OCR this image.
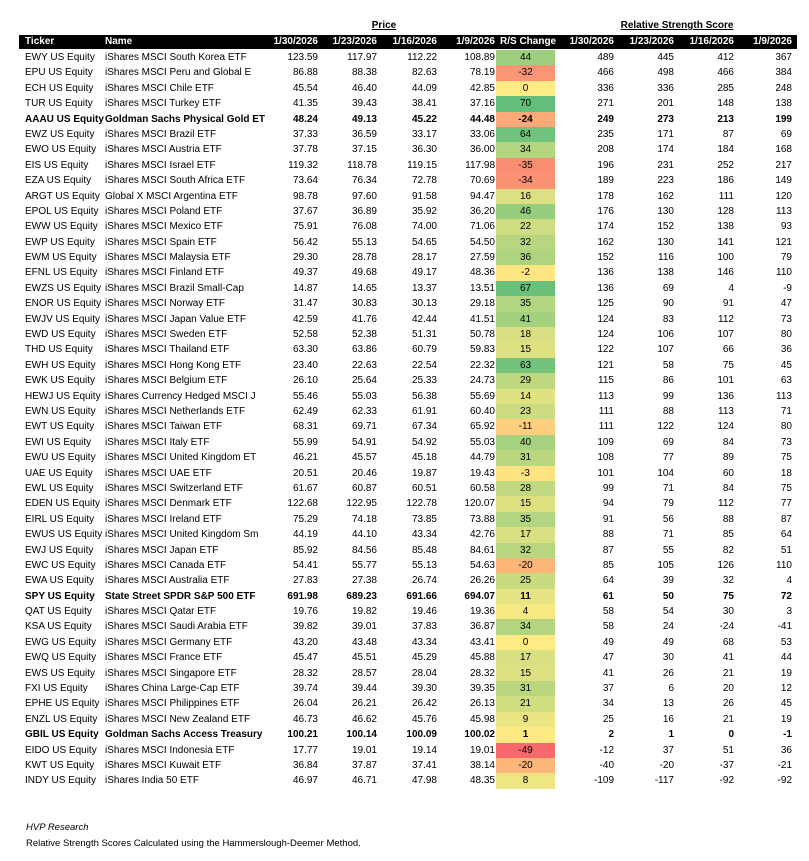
Price	Relative Strength Score
Ticker	Name	1/30/2026	1/23/2026	1/16/2026	1/9/2026 R/S Change	1/30/2026	1/23/2026	1/16/2026	1/9/2026
EWY US Equity	iShares MSCI South Korea ETF	123.59	117.97	112.22	108.89	44	489	445	412	367
EPU US Equity	iShares MSCI Peru and Global E	86.88	88.38	82.63	78.19	-32	466	498	466	384
ECH US Equity	iShares MSCI Chile ETF	45.54	46.40	44.09	42.85	0	336	336	285	248
TUR US Equity	iShares MSCI Turkey ETF	41.35	39.43	38.41	37.16	70	271	201	148	138
AAAU US Equity Goldman Sachs Physical Gold ET	48.24	49.13	45.22	44.48	-24	249	273	213	199
EWZ US Equity	iShares MSCI Brazil ETF	37.33	36.59	33.17	33.06	64	235	171	87	69
EWO US Equity iShares MSCI Austria ETF	37.78	37.15	36.30	36.00	34	208	174	184	168
EIS US Equity	iShares MSCI Israel ETF	119.32	118.78	119.15	117.98	-35	196	231	252	217
EZA US Equity	iShares MSCI South Africa ETF	73.64	76.34	72.78	70.69	-34	189	223	186	149
ARGT US Equity Global X MSCI Argentina ETF	98.78	97.60	91.58	94.47	16	178	162	111	120
EPOL US Equity iShares MSCI Poland ETF	37.67	36.89	35.92	36.20	46	176	130	128	113
EWW US Equity iShares MSCI Mexico ETF	75.91	76.08	74.00	71.06	22	174	152	138	93
EWP US Equity	iShares MSCI Spain ETF	56.42	55.13	54.65	54.50	32	162	130	141	121
EWM US Equity iShares MSCI Malaysia ETF	29.30	28.78	28.17	27.59	36	152	116	100	79
EFNL US Equity iShares MSCI Finland ETF	49.37	49.68	49.17	48.36	-2	136	138	146	110
EWZS US Equity iShares MSCI Brazil Small-Cap	14.87	14.65	13.37	13.51	67	136	69	4	-9
ENOR US Equity iShares MSCI Norway ETF	31.47	30.83	30.13	29.18	35	125	90	91	47
EWJV US Equity iShares MSCI Japan Value ETF	42.59	41.76	42.44	41.51	41	124	83	112	73
EWD US Equity iShares MSCI Sweden ETF	52.58	52.38	51.31	50.78	18	124	106	107	80
THD US Equity	iShares MSCI Thailand ETF	63.30	63.86	60.79	59.83	15	122	107	66	36
EWH US Equity iShares MSCI Hong Kong ETF	23.40	22.63	22.54	22.32	63	121	58	75	45
EWK US Equity iShares MSCI Belgium ETF	26.10	25.64	25.33	24.73	29	115	86	101	63
HEWJ US Equity iShares Currency Hedged MSCI J	55.46	55.03	56.38	55.69	14	113	99	136	113
EWN US Equity iShares MSCI Netherlands ETF	62.49	62.33	61.91	60.40	23	111	88	113	71
EWT US Equity	iShares MSCI Taiwan ETF	68.31	69.71	67.34	65.92	-11	111	122	124	80
EWI US Equity	iShares MSCI Italy ETF	55.99	54.91	54.92	55.03	40	109	69	84	73
EWU US Equity iShares MSCI United Kingdom ET	46.21	45.57	45.18	44.79	31	108	77	89	75
UAE US Equity	iShares MSCI UAE ETF	20.51	20.46	19.87	19.43	-3	101	104	60	18
EWL US Equity	iShares MSCI Switzerland ETF	61.67	60.87	60.51	60.58	28	99	71	84	75
EDEN US Equity iShares MSCI Denmark ETF	122.68	122.95	122.78	120.07	15	94	79	112	77
EIRL US Equity	iShares MSCI Ireland ETF	75.29	74.18	73.85	73.88	35	91	56	88	87
EWUS US Equity iShares MSCI United Kingdom Sm	44.19	44.10	43.34	42.76	17	88	71	85	64
EWJ US Equity	iShares MSCI Japan ETF	85.92	84.56	85.48	84.61	32	87	55	82	51
EWC US Equity iShares MSCI Canada ETF	54.41	55.77	55.13	54.63	-20	85	105	126	110
EWA US Equity	iShares MSCI Australia ETF	27.83	27.38	26.74	26.26	25	64	39	32	4
SPY US Equity	State Street SPDR S&P 500 ETF	691.98	689.23	691.66	694.07	11	61	50	75	72
QAT US Equity	iShares MSCI Qatar ETF	19.76	19.82	19.46	19.36	4	58	54	30	3
KSA US Equity	iShares MSCI Saudi Arabia ETF	39.82	39.01	37.83	36.87	34	58	24	-24	-41
EWG US Equity iShares MSCI Germany ETF	43.20	43.48	43.34	43.41	0	49	49	68	53
EWQ US Equity iShares MSCI France ETF	45.47	45.51	45.29	45.88	17	47	30	41	44
EWS US Equity iShares MSCI Singapore ETF	28.32	28.57	28.04	28.32	15	41	26	21	19
FXI US Equity	iShares China Large-Cap ETF	39.74	39.44	39.30	39.35	31	37	6	20	12
EPHE US Equity iShares MSCI Philippines ETF	26.04	26.21	26.42	26.13	21	34	13	26	45
ENZL US Equity iShares MSCI New Zealand ETF	46.73	46.62	45.76	45.98	9	25	16	21	19
GBIL US Equity Goldman Sachs Access Treasury	100.21	100.14	100.09	100.02	1	2	1	0	-1
EIDO US Equity iShares MSCI Indonesia ETF	17.77	19.01	19.14	19.01	-49	-12	37	51	36
KWT US Equity	iShares MSCI Kuwait ETF	36.84	37.87	37.41	38.14	-20	-40	-20	-37	-21
INDY US Equity iShares India 50 ETF	46.97	46.71	47.98	48.35	8	-109	-117	-92	-92
HVP Research
Relative Strength Scores Calculated using the Hammerslough-Deemer Method.
